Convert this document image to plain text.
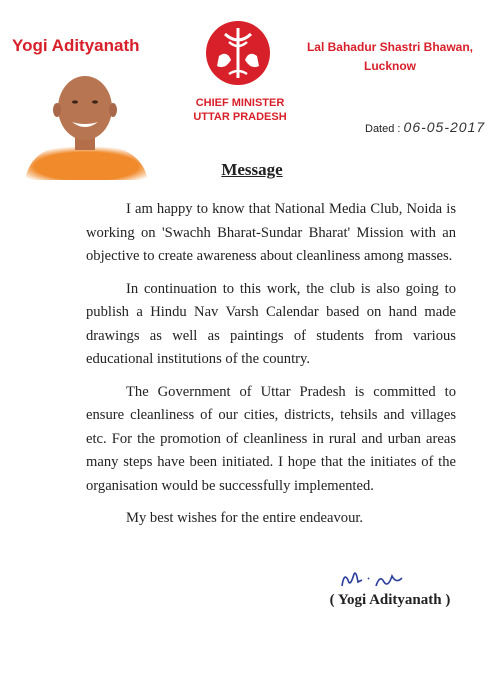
Yogi Adityanath
CHIEF MINISTER
UTTAR PRADESH
Lal Bahadur Shastri Bhawan,
Lucknow
Dated : 06-05-2017
Message

I am happy to know that National Media Club, Noida is working on 'Swachh Bharat-Sundar Bharat' Mission with an objective to create awareness about cleanliness among masses.

In continuation to this work, the club is also going to publish a Hindu Nav Varsh Calendar based on hand made drawings as well as paintings of students from various educational institutions of the country.

The Government of Uttar Pradesh is committed to ensure cleanliness of our cities, districts, tehsils and villages etc. For the promotion of cleanliness in rural and urban areas many steps have been initiated. I hope that the initiates of the organisation would be successfully implemented.

My best wishes for the entire endeavour.

( Yogi Adityanath )
